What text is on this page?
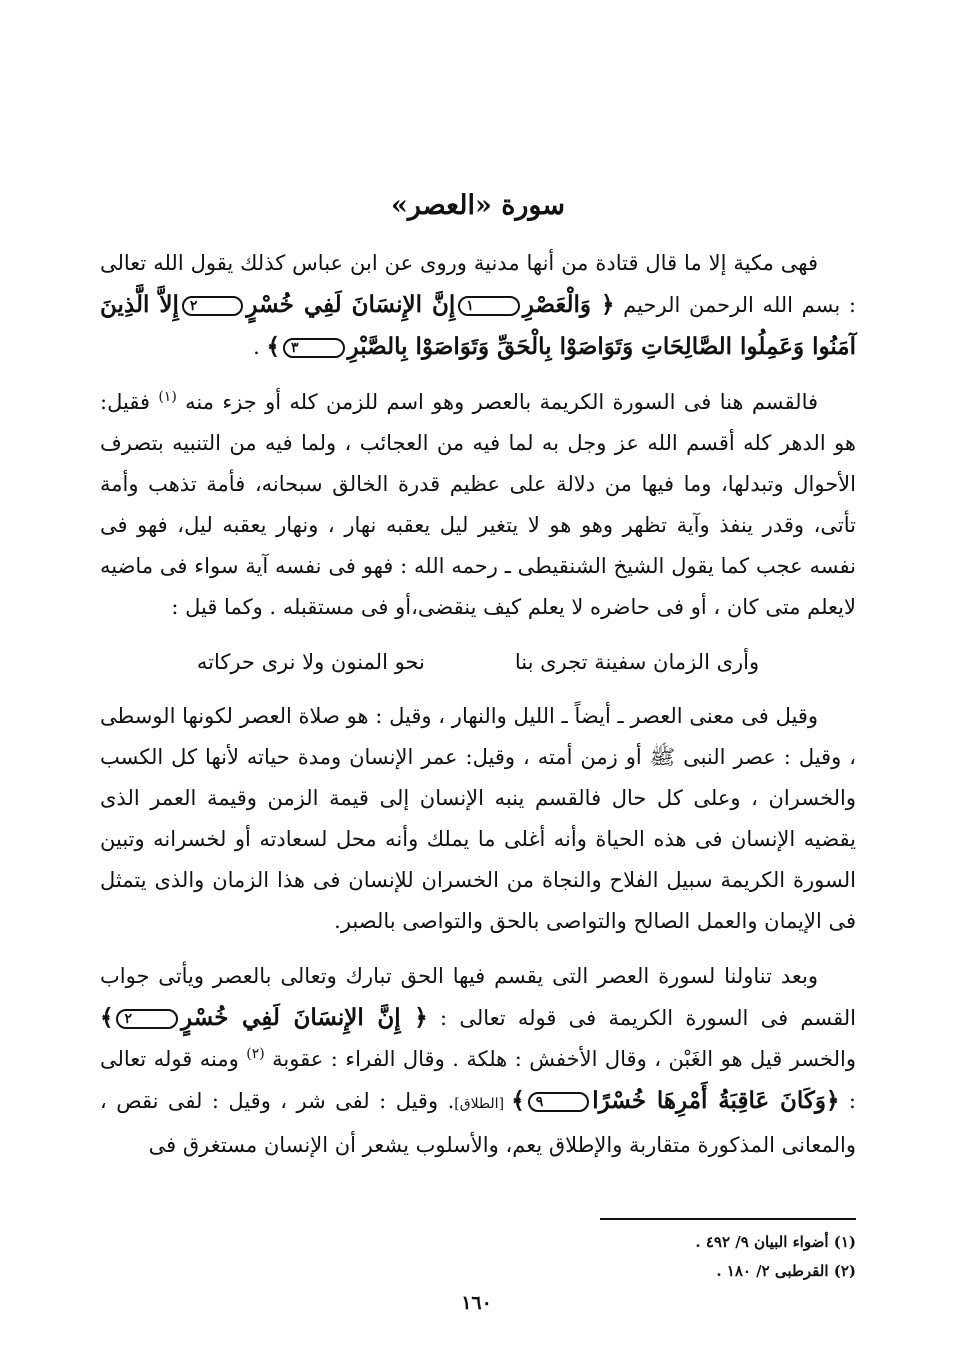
سورة «العصر»

فهى مكية إلا ما قال قتادة من أنها مدنية وروى عن ابن عباس كذلك يقول الله تعالى : بسم الله الرحمن الرحيم ﴿ وَالْعَصْرِ١إِنَّ الإِنسَانَ لَفِي خُسْرٍ٢إِلاَّ الَّذِينَ آمَنُوا وَعَمِلُوا الصَّالِحَاتِ وَتَوَاصَوْا بِالْحَقِّ وَتَوَاصَوْا بِالصَّبْرِ٣﴾ .

فالقسم هنا فى السورة الكريمة بالعصر وهو اسم للزمن كله أو جزء منه $^{(١)}$ فقيل: هو الدهر كله أقسم الله عز وجل به لما فيه من العجائب ، ولما فيه من التنبيه بتصرف الأحوال وتبدلها، وما فيها من دلالة على عظيم قدرة الخالق سبحانه، فأمة تذهب وأمة تأتى، وقدر ينفذ وآية تظهر وهو هو لا يتغير ليل يعقبه نهار ، ونهار يعقبه ليل، فهو فى نفسه عجب كما يقول الشيخ الشنقيطى ـ رحمه الله : فهو فى نفسه آية سواء فى ماضيه لايعلم متى كان ، أو فى حاضره لا يعلم كيف ينقضى،أو فى مستقبله . وكما قيل :

وأرى الزمان سفينة تجرى بنا
نحو المنون ولا نرى حركاته

وقيل فى معنى العصر ـ أيضاً ـ الليل والنهار ، وقيل : هو صلاة العصر لكونها الوسطى ، وقيل : عصر النبى ﷺ أو زمن أمته ، وقيل: عمر الإنسان ومدة حياته لأنها كل الكسب والخسران ، وعلى كل حال فالقسم ينبه الإنسان إلى قيمة الزمن وقيمة العمر الذى يقضيه الإنسان فى هذه الحياة وأنه أغلى ما يملك وأنه محل لسعادته أو لخسرانه وتبين السورة الكريمة سبيل الفلاح والنجاة من الخسران للإنسان فى هذا الزمان والذى يتمثل فى الإيمان والعمل الصالح والتواصى بالحق والتواصى بالصبر.

وبعد تناولنا لسورة العصر التى يقسم فيها الحق تبارك وتعالى بالعصر ويأتى جواب القسم فى السورة الكريمة فى قوله تعالى : ﴿ إِنَّ الإِنسَانَ لَفِي خُسْرٍ٢﴾ والخسر قيل هو الغَبْن ، وقال الأخفش : هلكة . وقال الفراء : عقوبة $^{(٢)}$ ومنه قوله تعالى : ﴿وَكَانَ عَاقِبَةُ أَمْرِهَا خُسْرًا٩﴾ [الطلاق]. وقيل : لفى شر ، وقيل : لفى نقص ، والمعانى المذكورة متقاربة والإطلاق يعم، والأسلوب يشعر أن الإنسان مستغرق فى

(١) أضواء البيان ٩/ ٤٩٢ .
(٢) القرطبى ٢/ ١٨٠ .
١٦٠
